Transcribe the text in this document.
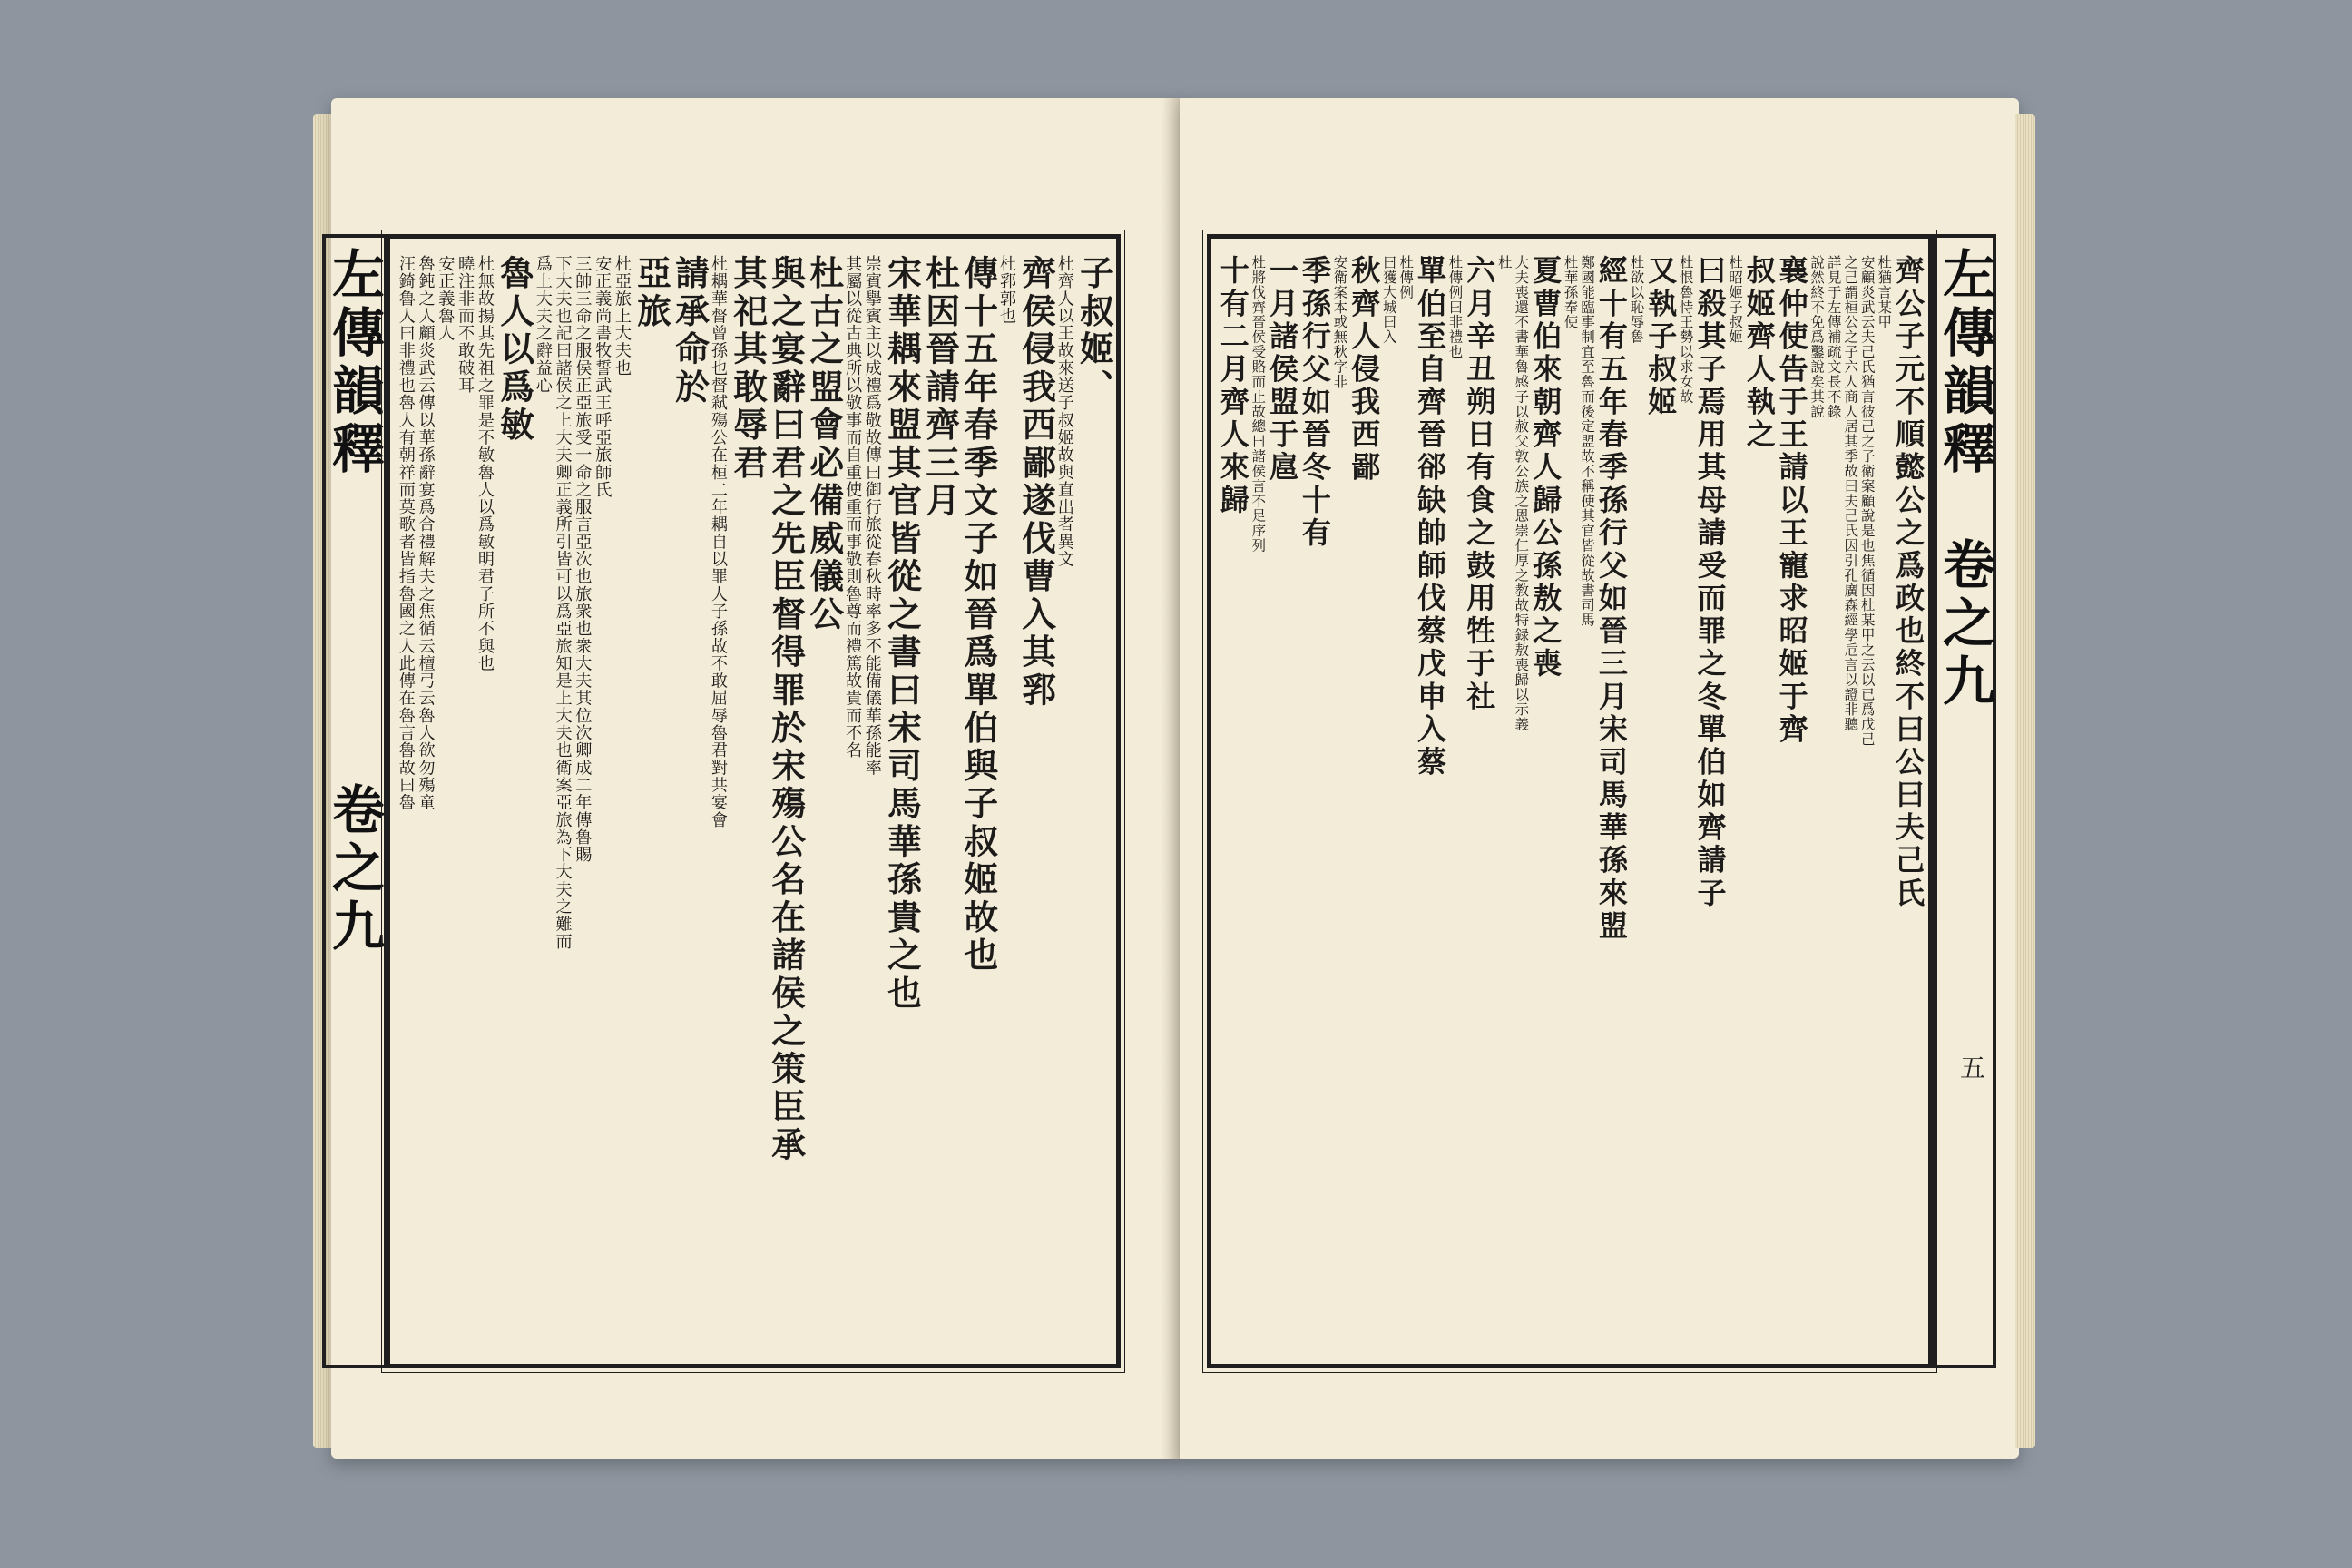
左傳韻釋
卷之九
子叔姬、
杜齊人以王故來送子叔姬故與直出者異文
齊侯侵我西鄙遂伐曹入其郛
杜郛郭也
傳十五年春季文子如晉爲單伯與子叔姬故也
杜因晉請齊三月
宋華耦來盟其官皆從之書曰宋司馬華孫貴之也
崇賓擧賓主以成禮爲敬故傳曰御行旅從春秋時率多不能備儀華孫能率
其屬以從古典所以敬事而自重使重而事敬則魯尊而禮篤故貴而不名
杜古之盟會必備威儀公
與之宴辭曰君之先臣督得罪於宋殤公名在諸侯之策臣承
其祀其敢辱君
杜耦華督曾孫也督弒殤公在桓二年耦自以罪人子孫故不敢屈辱魯君對共宴會
請承命於
亞旅
杜亞旅上大夫也
安正義尚書牧誓武王呼亞旅師氏
三帥三命之服侯正亞旅受一命之服言亞次也旅衆也衆大夫其位次卿成二年傳魯賜
下大夫也記曰諸侯之上大夫卿正義所引皆可以爲亞旅知是上大夫也衛案亞旅為下大夫之難而
爲上大夫之辭益心
魯人以爲敏
杜無故揚其先祖之罪是不敏魯人以爲敏明君子所不與也
曉注非而不敢破耳
安正義魯人
魯鈍之人顧炎武云傳以華孫辭宴爲合禮解夫之焦循云檀弓云魯人欲勿殤童
汪錡魯人曰非禮也魯人有朝祥而莫歌者皆指魯國之人此傳在魯言魯故曰魯	齊公子元不順懿公之爲政也終不曰公曰夫己氏
杜猶言某甲
安顧炎武云夫己氏猶言彼己之子衛案顧說是也焦循因杜某甲之云以已爲戊己
之己謂桓公之子六人商人居其季故曰夫己氏因引孔廣森經學卮言以證非聽
詳見于左傳補疏文長不錄
說然終不免爲鑿說矣其說
襄仲使告于王請以王寵求昭姬于齊
叔姬齊人執之
杜昭姬子叔姬
曰殺其子焉用其母請受而罪之冬單伯如齊請子
杜恨魯恃王勢以求女故
又執子叔姬
杜欲以恥辱魯
經十有五年春季孫行父如晉三月宋司馬華孫來盟
鄭國能臨事制宜至魯而後定盟故不稱使其官皆從故書司馬
杜華孫奉使
夏曹伯來朝齊人歸公孫敖之喪
大夫喪還不書華魯感子以赦父敦公族之恩崇仁厚之教故特録敖喪歸以示義
杜
六月辛丑朔日有食之鼓用牲于社
杜傳例曰非禮也
單伯至自齊晉郤缺帥師伐蔡戊申入蔡
杜傳例
曰獲大城曰入
秋齊人侵我西鄙
安衛案本或無秋字非
季孫行父如晉冬十有
一月諸侯盟于扈
杜將伐齊晉侯受賂而止故總曰諸侯言不足序列
十有二月齊人來歸	左傳韻釋
卷之九
五
